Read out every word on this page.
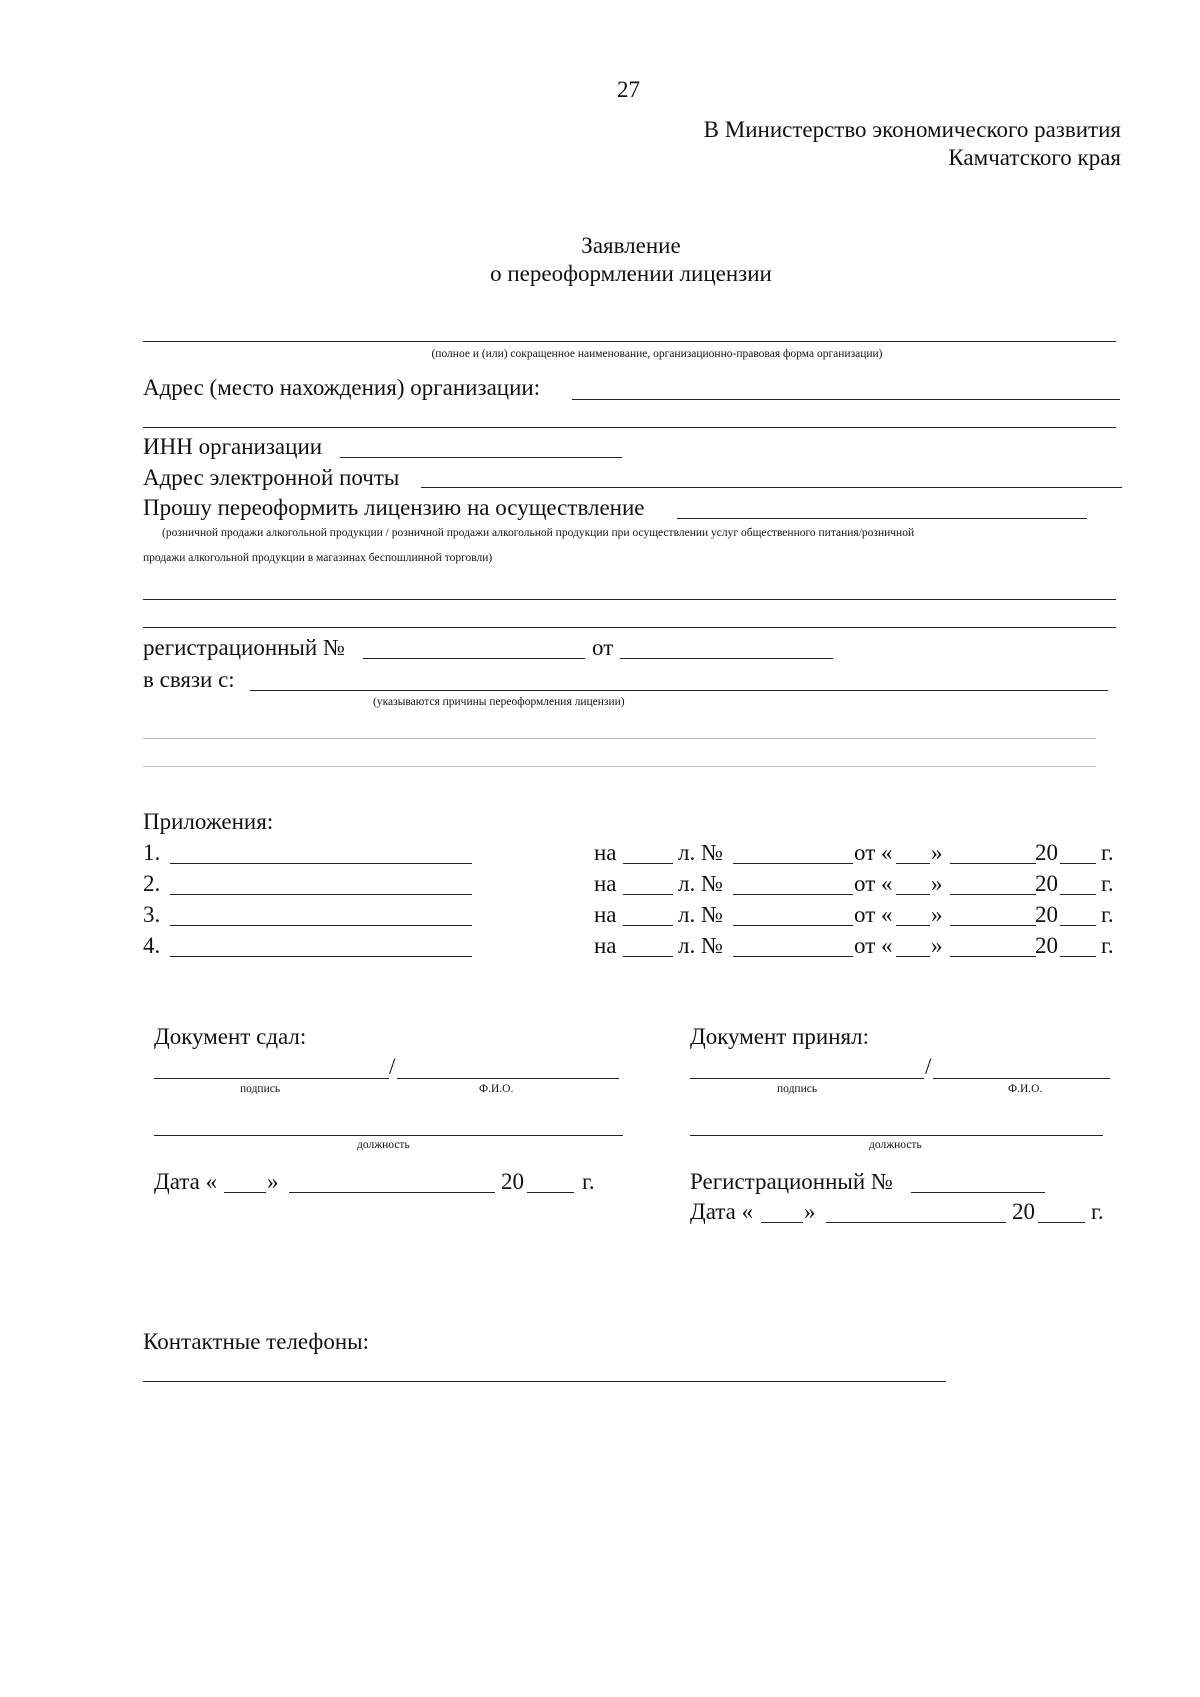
27
В Министерство экономического развития
Камчатского края
Заявление
о переоформлении лицензии
(полное и (или) сокращенное наименование, организационно-правовая форма организации)
Адрес (место нахождения) организации:
ИНН организации
Адрес электронной почты
Прошу переоформить лицензию на осуществление
(розничной продажи алкогольной продукции / розничной продажи алкогольной продукции при осуществлении услуг общественного питания/розничной
продажи алкогольной продукции в магазинах беспошлинной торговли)
регистрационный №	от
в связи с:
(указываются причины переоформления лицензии)
Приложения:
1.	на	л. №	от « »	20 г.
2.	на	л. №	от « »	20 г.
3.	на	л. №	от « »	20 г.
4.	на	л. №	от « »	20 г.
Документ сдал:
/
подпись	Ф.И.О.
должность
Дата « »	20	г.
Документ принял:
/
подпись	Ф.И.О.
должность
Регистрационный №
Дата « »	20 г.
Контактные телефоны:
